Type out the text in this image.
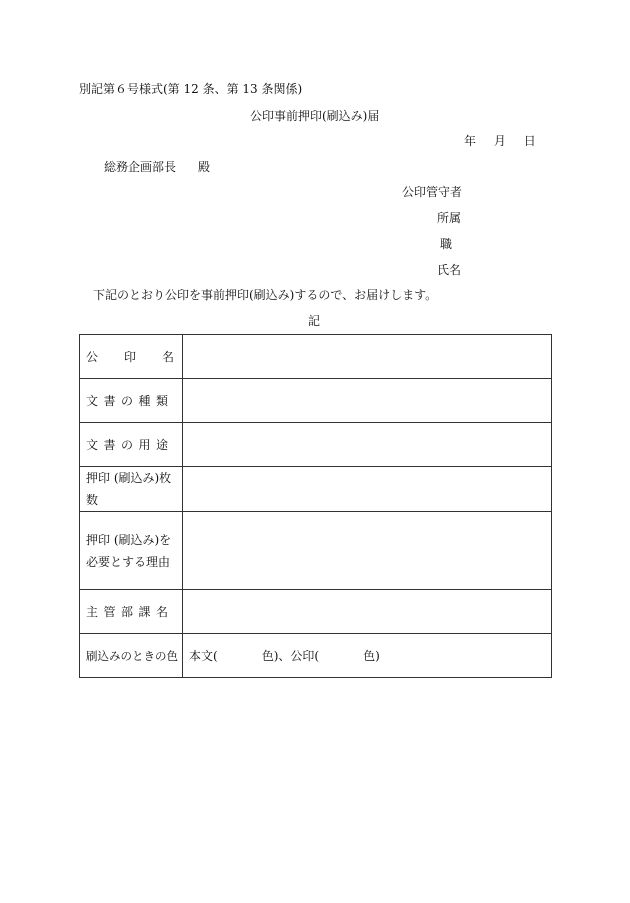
別記第６号様式(第 12 条、第 13 条関係)
公印事前押印(刷込み)届
年 月 日
総務企画部長 殿
公印管守者
所属
職
氏名
下記のとおり公印を事前押印(刷込み)するので、お届けします。
記
公 印 名	

文 書 の 種 類	

文 書 の 用 途	

押印 (刷込み)枚
数	

押印 (刷込み)を
必要とする理由	

主 管 部 課 名	

刷込みのときの色	本文( 色)、公印( 色)
